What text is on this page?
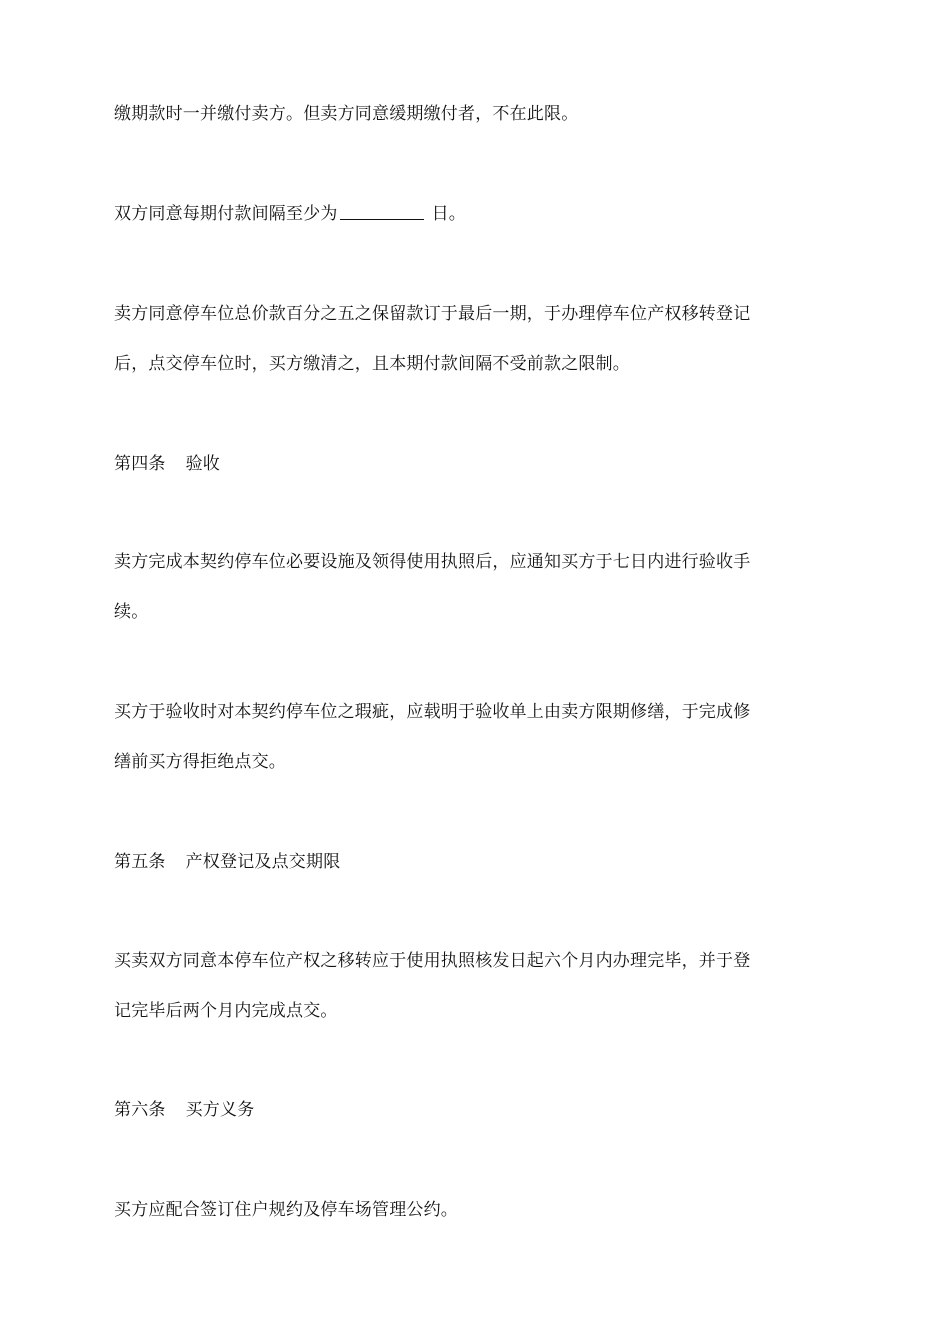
缴期款时一并缴付卖方。但卖方同意缓期缴付者，不在此限。
双方同意每期付款间隔至少为	日。
卖方同意停车位总价款百分之五之保留款订于最后一期，于办理停车位产权移转登记
后，点交停车位时，买方缴清之，且本期付款间隔不受前款之限制。
第四条 验收
卖方完成本契约停车位必要设施及领得使用执照后，应通知买方于七日内进行验收手
续。
买方于验收时对本契约停车位之瑕疵，应载明于验收单上由卖方限期修缮，于完成修
缮前买方得拒绝点交。
第五条 产权登记及点交期限
买卖双方同意本停车位产权之移转应于使用执照核发日起六个月内办理完毕，并于登
记完毕后两个月内完成点交。
第六条 买方义务
买方应配合签订住户规约及停车场管理公约。
